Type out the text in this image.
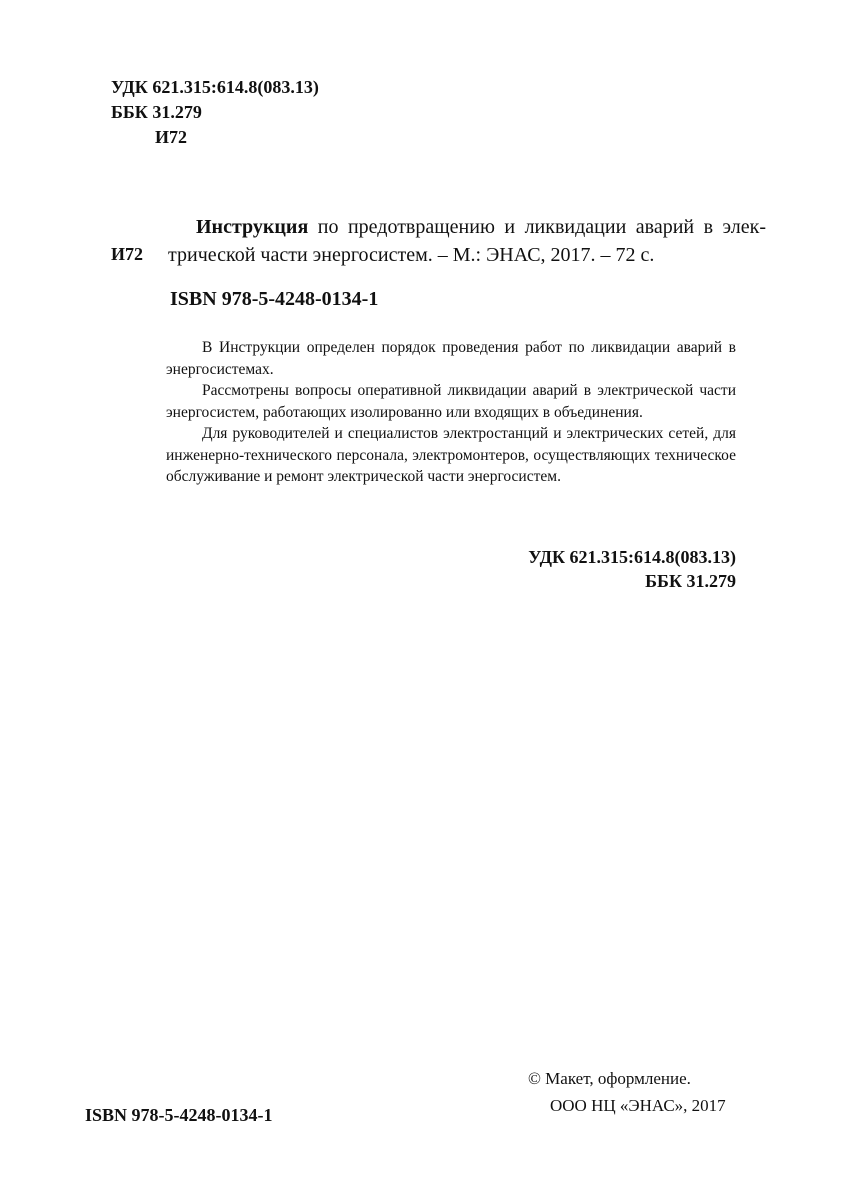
УДК 621.315:614.8(083.13)
ББК 31.279
И72
И72

Инструкция по предотвращению и ликвидации аварий в элек-

трической части энергосистем. – М.: ЭНАС, 2017. – 72 с.

ISBN 978-5-4248-0134-1

В Инструкции определен порядок проведения работ по ликвидации аварий в энергосистемах.

Рассмотрены вопросы оперативной ликвидации аварий в электрической части энергосистем, работающих изолированно или входящих в объединения.

Для руководителей и специалистов электростанций и электрических сетей, для инженерно-технического персонала, электромонтеров, осуществляющих техническое обслуживание и ремонт электрической части энергосистем.

УДК 621.315:614.8(083.13)
ББК 31.279
© Макет, оформление.
ООО НЦ «ЭНАС», 2017
ISBN 978-5-4248-0134-1
